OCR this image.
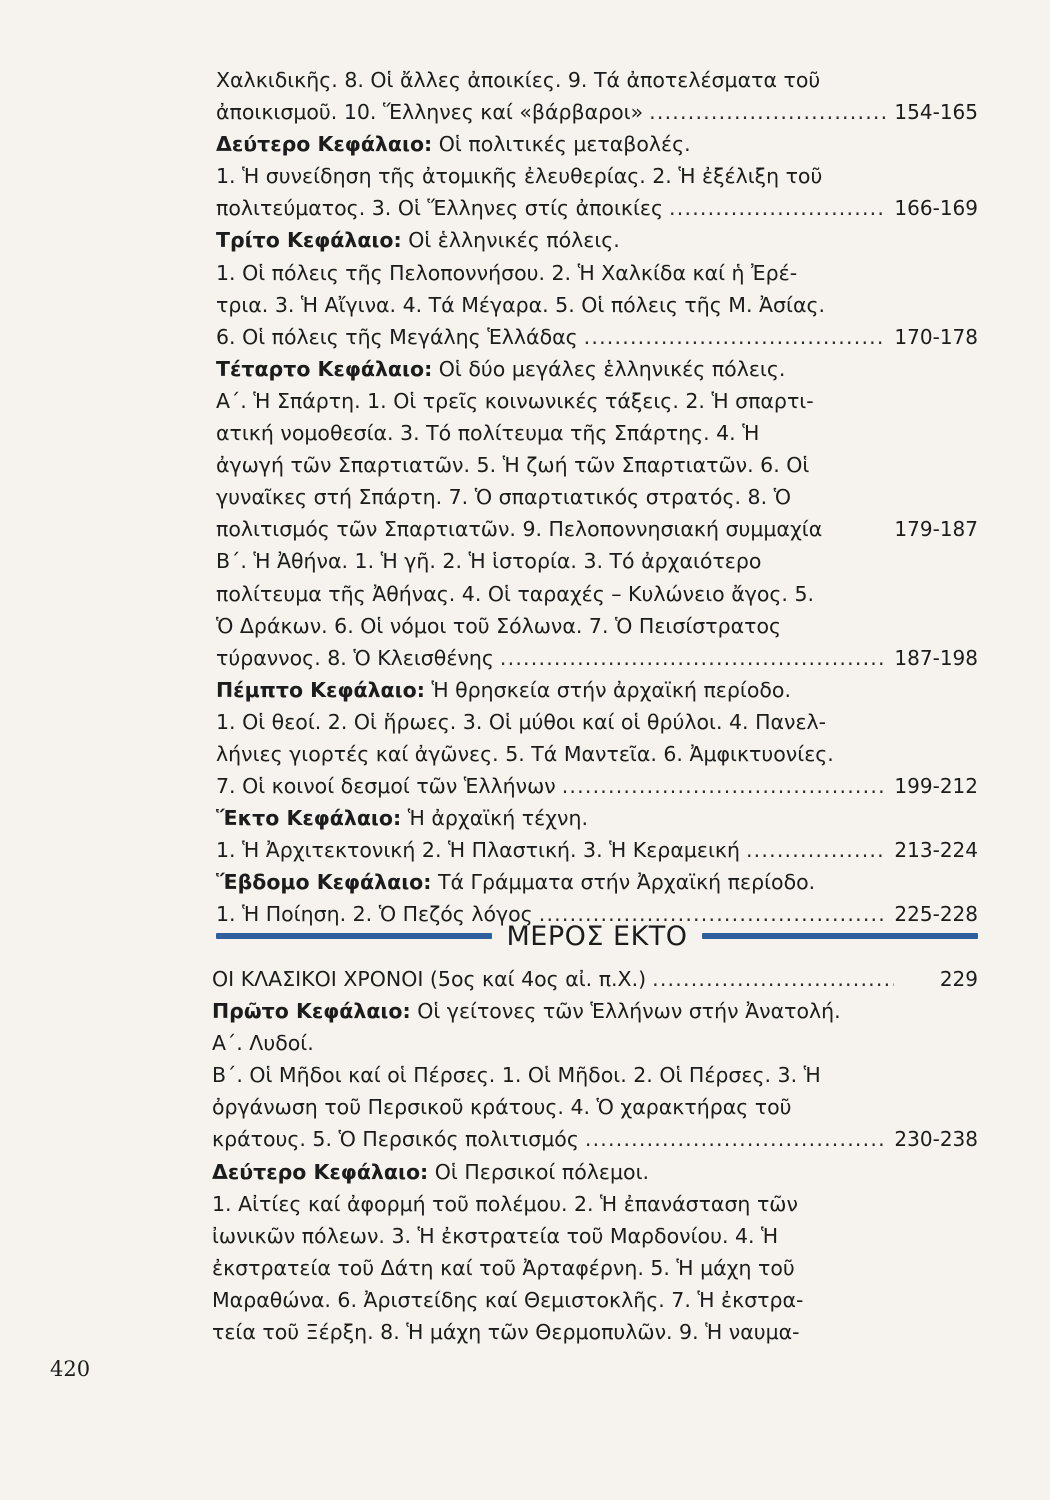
Χαλκιδικῆς. 8. Οἱ ἄλλες ἀποικίες. 9. Τά ἀποτελέσματα τοῦ
ἀποικισμοῦ. 10. Ἕλληνες καί «βάρβαροι» .....	154-165
Δεύτερο Κεφάλαιο: Οἱ πολιτικές μεταβολές.
1. Ἡ συνείδηση τῆς ἀτομικῆς ἐλευθερίας. 2. Ἡ ἐξέλιξη τοῦ
πολιτεύματος. 3. Οἱ Ἕλληνες στίς ἀποικίες .....	166-169
Τρίτο Κεφάλαιο: Οἱ ἑλληνικές πόλεις.
1. Οἱ πόλεις τῆς Πελοποννήσου. 2. Ἡ Χαλκίδα καί ἡ Ἐρέ-
τρια. 3. Ἡ Αἴγινα. 4. Τά Μέγαρα. 5. Οἱ πόλεις τῆς Μ. Ἀσίας.
6. Οἱ πόλεις τῆς Μεγάλης Ἑλλάδας .....	170-178
Τέταρτο Κεφάλαιο: Οἱ δύο μεγάλες ἑλληνικές πόλεις.
Α΄. Ἡ Σπάρτη. 1. Οἱ τρεῖς κοινωνικές τάξεις. 2. Ἡ σπαρτι-
ατική νομοθεσία. 3. Τό πολίτευμα τῆς Σπάρτης. 4. Ἡ
ἀγωγή τῶν Σπαρτιατῶν. 5. Ἡ ζωή τῶν Σπαρτιατῶν. 6. Οἱ
γυναῖκες στή Σπάρτη. 7. Ὁ σπαρτιατικός στρατός. 8. Ὁ
πολιτισμός τῶν Σπαρτιατῶν. 9. Πελοποννησιακή συμμαχία	179-187
Β΄. Ἡ Ἀθήνα. 1. Ἡ γῆ. 2. Ἡ ἱστορία. 3. Τό ἀρχαιότερο
πολίτευμα τῆς Ἀθήνας. 4. Οἱ ταραχές – Κυλώνειο ἄγος. 5.
Ὁ Δράκων. 6. Οἱ νόμοι τοῦ Σόλωνα. 7. Ὁ Πεισίστρατος
τύραννος. 8. Ὁ Κλεισθένης .....	187-198
Πέμπτο Κεφάλαιο: Ἡ θρησκεία στήν ἀρχαϊκή περίοδο.
1. Οἱ θεοί. 2. Οἱ ἥρωες. 3. Οἱ μύθοι καί οἱ θρύλοι. 4. Πανελ-
λήνιες γιορτές καί ἀγῶνες. 5. Τά Μαντεῖα. 6. Ἀμφικτυονίες.
7. Οἱ κοινοί δεσμοί τῶν Ἑλλήνων .....	199-212
Ἕκτο Κεφάλαιο: Ἡ ἀρχαϊκή τέχνη.
1. Ἡ Ἀρχιτεκτονική 2. Ἡ Πλαστική. 3. Ἡ Κεραμεική .....	213-224
Ἕβδομο Κεφάλαιο: Τά Γράμματα στήν Ἀρχαϊκή περίοδο.
1. Ἡ Ποίηση. 2. Ὁ Πεζός λόγος .....	225-228
ΜΕΡΟΣ ΕΚΤΟ
ΟΙ ΚΛΑΣΙΚΟΙ ΧΡΟΝΟΙ (5ος καί 4ος αἰ. π.Χ.) .....	229
Πρῶτο Κεφάλαιο: Οἱ γείτονες τῶν Ἑλλήνων στήν Ἀνατολή.
Α΄. Λυδοί.
Β΄. Οἱ Μῆδοι καί οἱ Πέρσες. 1. Οἱ Μῆδοι. 2. Οἱ Πέρσες. 3. Ἡ
ὀργάνωση τοῦ Περσικοῦ κράτους. 4. Ὁ χαρακτήρας τοῦ
κράτους. 5. Ὁ Περσικός πολιτισμός .....	230-238
Δεύτερο Κεφάλαιο: Οἱ Περσικοί πόλεμοι.
1. Αἰτίες καί ἀφορμή τοῦ πολέμου. 2. Ἡ ἐπανάσταση τῶν
ἰωνικῶν πόλεων. 3. Ἡ ἐκστρατεία τοῦ Μαρδονίου. 4. Ἡ
ἐκστρατεία τοῦ Δάτη καί τοῦ Ἀρταφέρνη. 5. Ἡ μάχη τοῦ
Μαραθώνα. 6. Ἀριστείδης καί Θεμιστοκλῆς. 7. Ἡ ἐκστρα-
τεία τοῦ Ξέρξη. 8. Ἡ μάχη τῶν Θερμοπυλῶν. 9. Ἡ ναυμα-
420
